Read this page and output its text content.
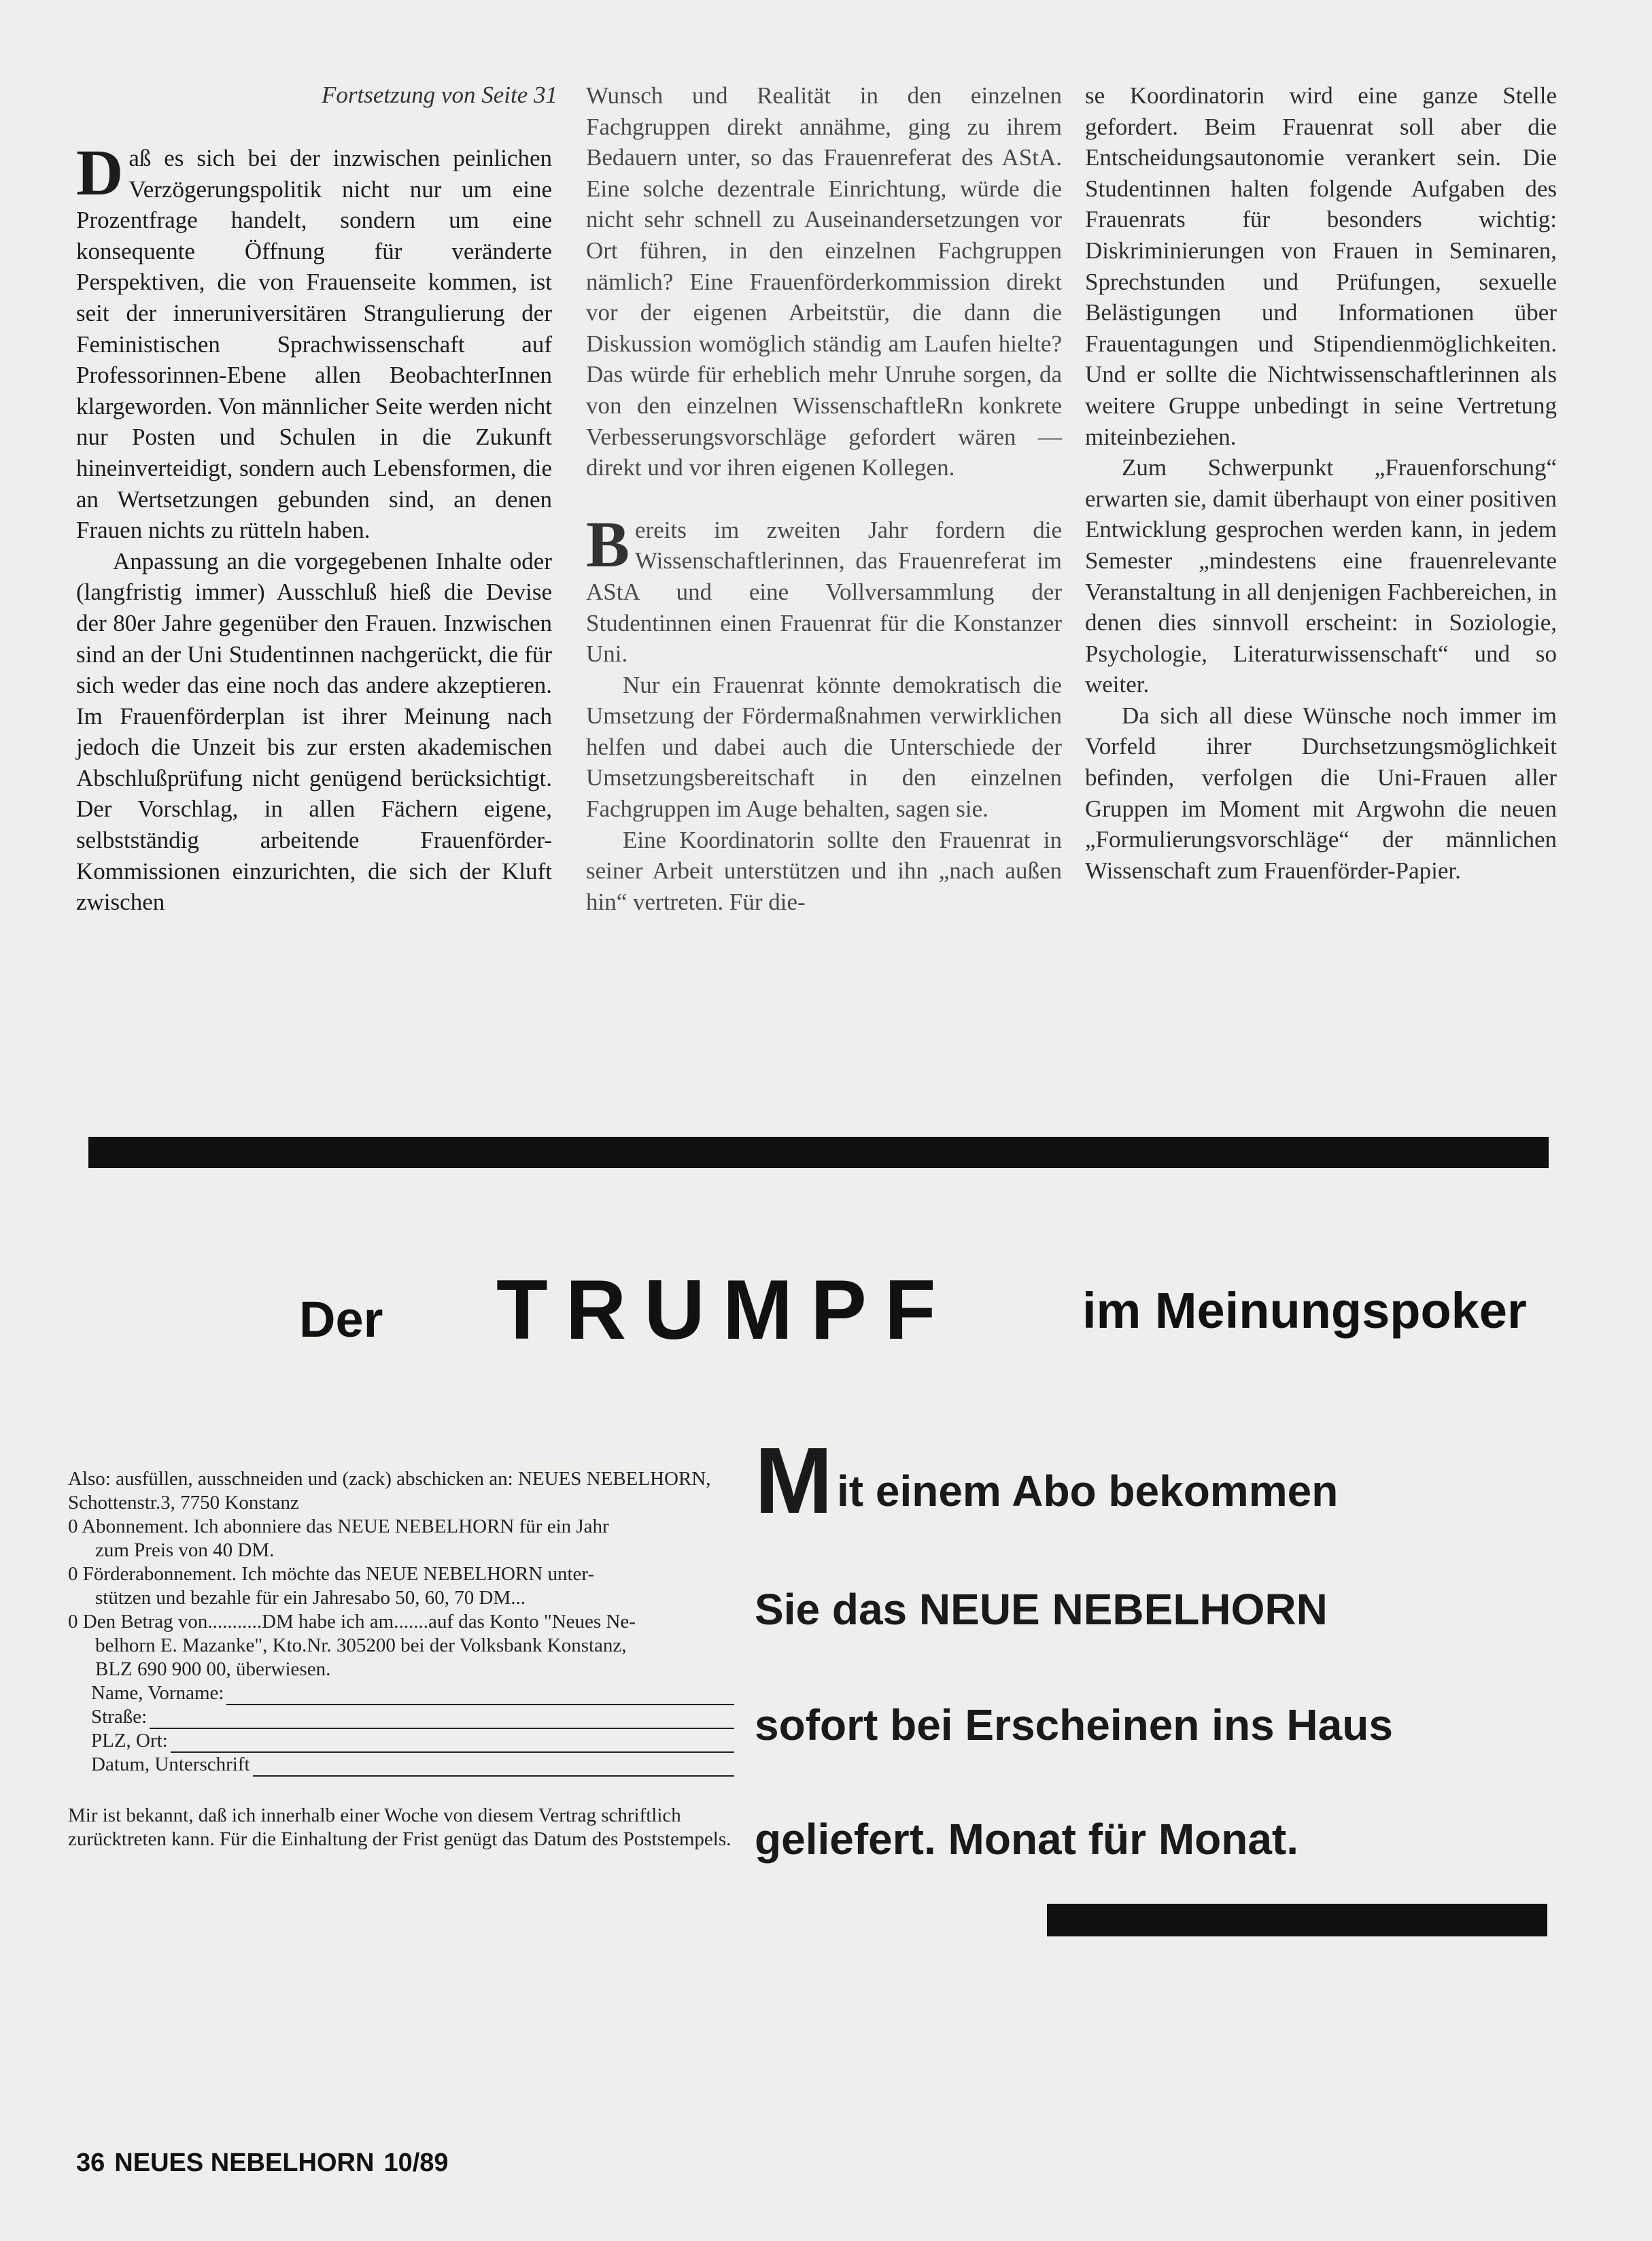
Fortsetzung von Seite 31

Daß es sich bei der inzwischen peinlichen Verzögerungspolitik nicht nur um eine Prozentfrage handelt, sondern um eine konsequente Öffnung für veränderte Perspektiven, die von Frauenseite kommen, ist seit der inneruniversitären Strangulierung der Feministischen Sprachwissenschaft auf Professorinnen-Ebene allen BeobachterInnen klargeworden. Von männlicher Seite werden nicht nur Posten und Schulen in die Zukunft hineinverteidigt, sondern auch Lebensformen, die an Wertsetzungen gebunden sind, an denen Frauen nichts zu rütteln haben.

Anpassung an die vorgegebenen Inhalte oder (langfristig immer) Ausschluß hieß die Devise der 80er Jahre gegenüber den Frauen. Inzwischen sind an der Uni Studentinnen nachgerückt, die für sich weder das eine noch das andere akzeptieren. Im Frauenförderplan ist ihrer Meinung nach jedoch die Unzeit bis zur ersten akademischen Abschlußprüfung nicht genügend berücksichtigt. Der Vorschlag, in allen Fächern eigene, selbstständig arbeitende Frauenförder-Kommissionen einzurichten, die sich der Kluft zwischen

Wunsch und Realität in den einzelnen Fachgruppen direkt annähme, ging zu ihrem Bedauern unter, so das Frauenreferat des AStA. Eine solche dezentrale Einrichtung, würde die nicht sehr schnell zu Auseinandersetzungen vor Ort führen, in den einzelnen Fachgruppen nämlich? Eine Frauenförderkommission direkt vor der eigenen Arbeitstür, die dann die Diskussion womöglich ständig am Laufen hielte? Das würde für erheblich mehr Unruhe sorgen, da von den einzelnen WissenschaftleRn konkrete Verbesserungsvorschläge gefordert wären — direkt und vor ihren eigenen Kollegen.

Bereits im zweiten Jahr fordern die Wissenschaftlerinnen, das Frauenreferat im AStA und eine Vollversammlung der Studentinnen einen Frauenrat für die Konstanzer Uni.

Nur ein Frauenrat könnte demokratisch die Umsetzung der Fördermaßnahmen verwirklichen helfen und dabei auch die Unterschiede der Umsetzungsbereitschaft in den einzelnen Fachgruppen im Auge behalten, sagen sie.

Eine Koordinatorin sollte den Frauenrat in seiner Arbeit unterstützen und ihn „nach außen hin“ vertreten. Für die-

se Koordinatorin wird eine ganze Stelle gefordert. Beim Frauenrat soll aber die Entscheidungsautonomie verankert sein. Die Studentinnen halten folgende Aufgaben des Frauenrats für besonders wichtig: Diskriminierungen von Frauen in Seminaren, Sprechstunden und Prüfungen, sexuelle Belästigungen und Informationen über Frauentagungen und Stipendienmöglichkeiten. Und er sollte die Nichtwissenschaftlerinnen als weitere Gruppe unbedingt in seine Vertretung miteinbeziehen.

Zum Schwerpunkt „Frauenforschung“ erwarten sie, damit überhaupt von einer positiven Entwicklung gesprochen werden kann, in jedem Semester „mindestens eine frauenrelevante Veranstaltung in all denjenigen Fachbereichen, in denen dies sinnvoll erscheint: in Soziologie, Psychologie, Literaturwissenschaft“ und so weiter.

Da sich all diese Wünsche noch immer im Vorfeld ihrer Durchsetzungsmöglichkeit befinden, verfolgen die Uni-Frauen aller Gruppen im Moment mit Argwohn die neuen „Formulierungsvorschläge“ der männlichen Wissenschaft zum Frauenförder-Papier.

Der TRUMPF	im Meinungspoker

Also: ausfüllen, ausschneiden und (zack) abschicken an: NEUES NEBELHORN, Schottenstr.3, 7750 Konstanz

0 Abonnement. Ich abonniere das NEUE NEBELHORN für ein Jahr

zum Preis von 40 DM.

0 Förderabonnement. Ich möchte das NEUE NEBELHORN unter-

stützen und bezahle für ein Jahresabo 50, 60, 70 DM...

0 Den Betrag von...........DM habe ich am.......auf das Konto "Neues Ne-

belhorn E. Mazanke", Kto.Nr. 305200 bei der Volksbank Konstanz,

BLZ 690 900 00, überwiesen.

Name, Vorname:
Straße:
PLZ, Ort:
Datum, Unterschrift

Mir ist bekannt, daß ich innerhalb einer Woche von diesem Vertrag schriftlich zurücktreten kann. Für die Einhaltung der Frist genügt das Datum des Poststempels.

Mit einem Abo bekommen
Sie das NEUE NEBELHORN
sofort bei Erscheinen ins Haus
geliefert. Monat für Monat.
36 NEUES NEBELHORN 10/89
